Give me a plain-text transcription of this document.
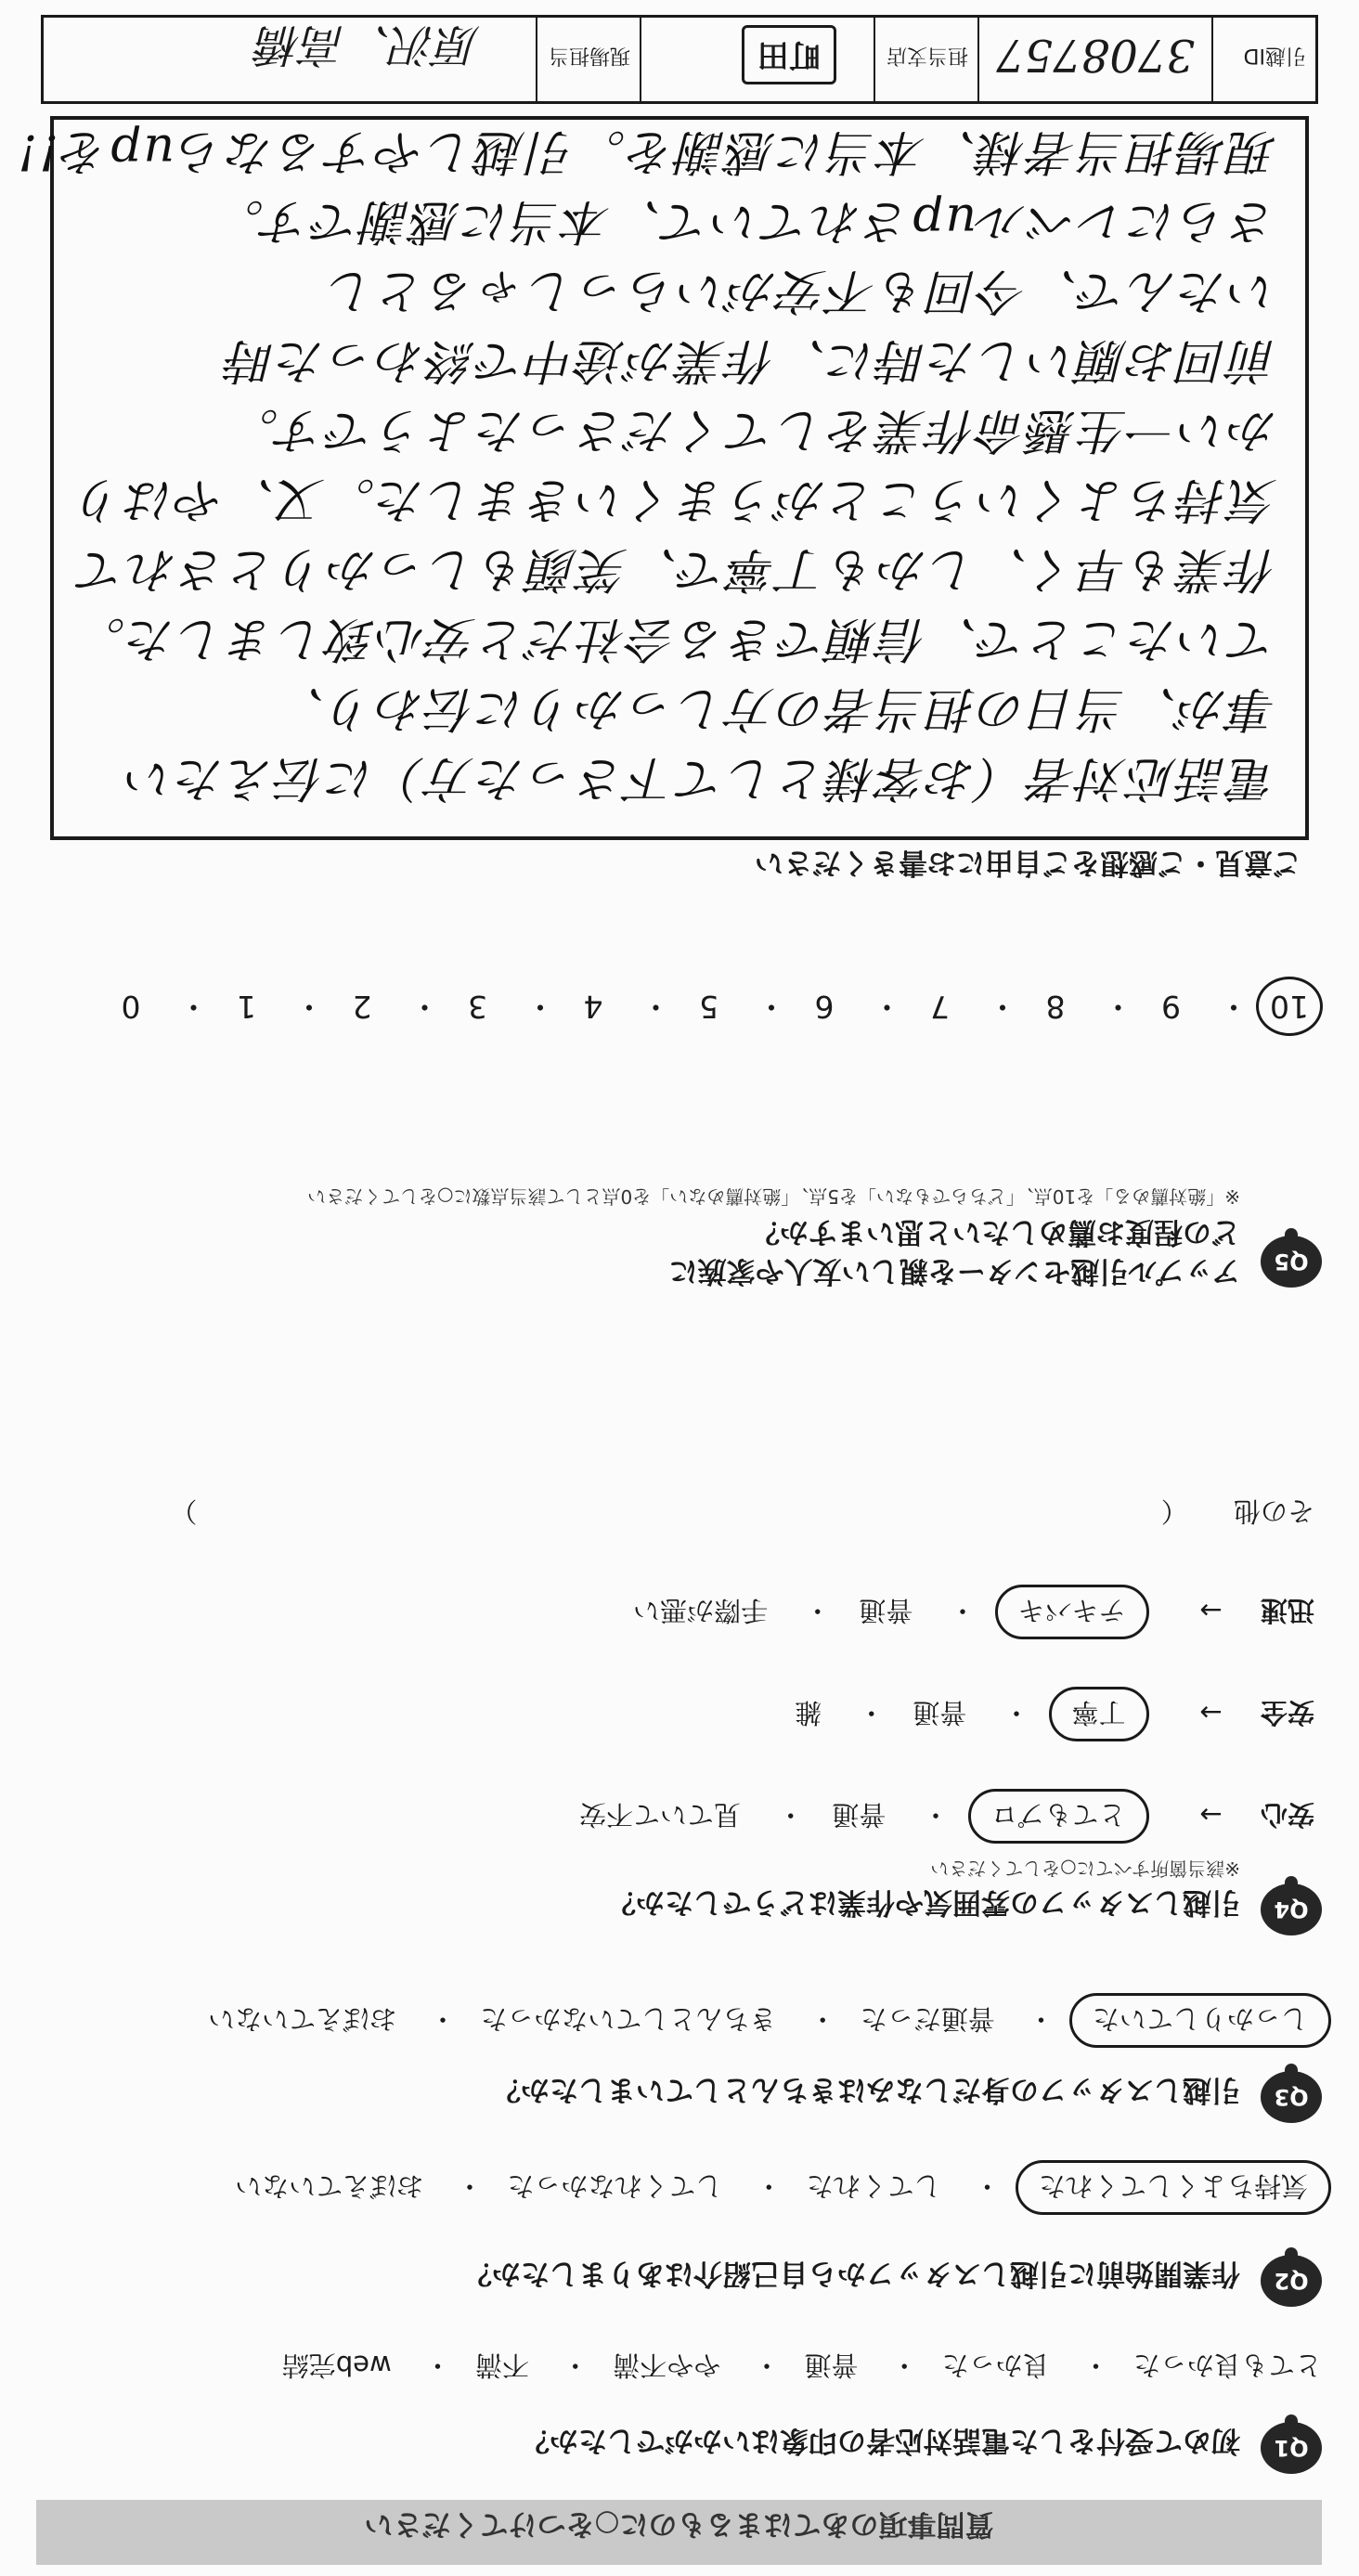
質問事項のあてはまるものに○をつけてください
Q1
初めて受付をした電話対応者の印象はいかがでしたか？
とても良かった・ 良かった・ 普通・ やや不満・ 不満・ web完結
Q2
作業開始前に引越しスタッフから自己紹介はありましたか？
気持ちよくしてくれた・ してくれた・ してくれなかった・ おぼえていない
Q3
引越しスタッフの身だしなみはきちんとしていましたか？
しっかりしていた・ 普通だった・ きちんとしていなかった・ おぼえていない
Q4
引越しスタッフの雰囲気や作業はどうでしたか？
※該当箇所すべてに○をしてください
安心 → とてもプロ・ 普通・ 見ていて不安
安全 → 丁寧・ 普通・ 雑
迅速 → テキパキ・ 普通・ 手際が悪い
その他 （  ）
Q5
アップル引越センターを親しい友人や家族に
どの程度お薦めしたいと思いますか？
※「絶対薦める」を10点、「どちらでもない」を5点、「絶対薦めない」を0点として該当点数に○をしてください
10・ 9・ 8・ 7・ 6・ 5・ 4・ 3・ 2・ 1・ 0
ご意見・ご感想をご自由にお書きください
電話応対者（お客様として下さった方）に伝えたい
事が、当日の担当者の方しっかりに伝わり、
ていたことで、信頼できる会社だと安心致しました。
作業も早く、しかも丁寧で、笑顔もしっかりとされて
気持ちよくいうことがうまくいきました。又、やはり
かい一生懸命作業をしてくださったようです。
前回お願いした時に、作業が途中で終わった時
いたんで、今回も不安がいらっしゃるとし
さらにレベルupされていて、本当に感謝です。
現場担当者様、本当に感謝を。引越しやするならupを!!
引越ID
3708757
担当支店
町田
現場担当
原沢、高橋
